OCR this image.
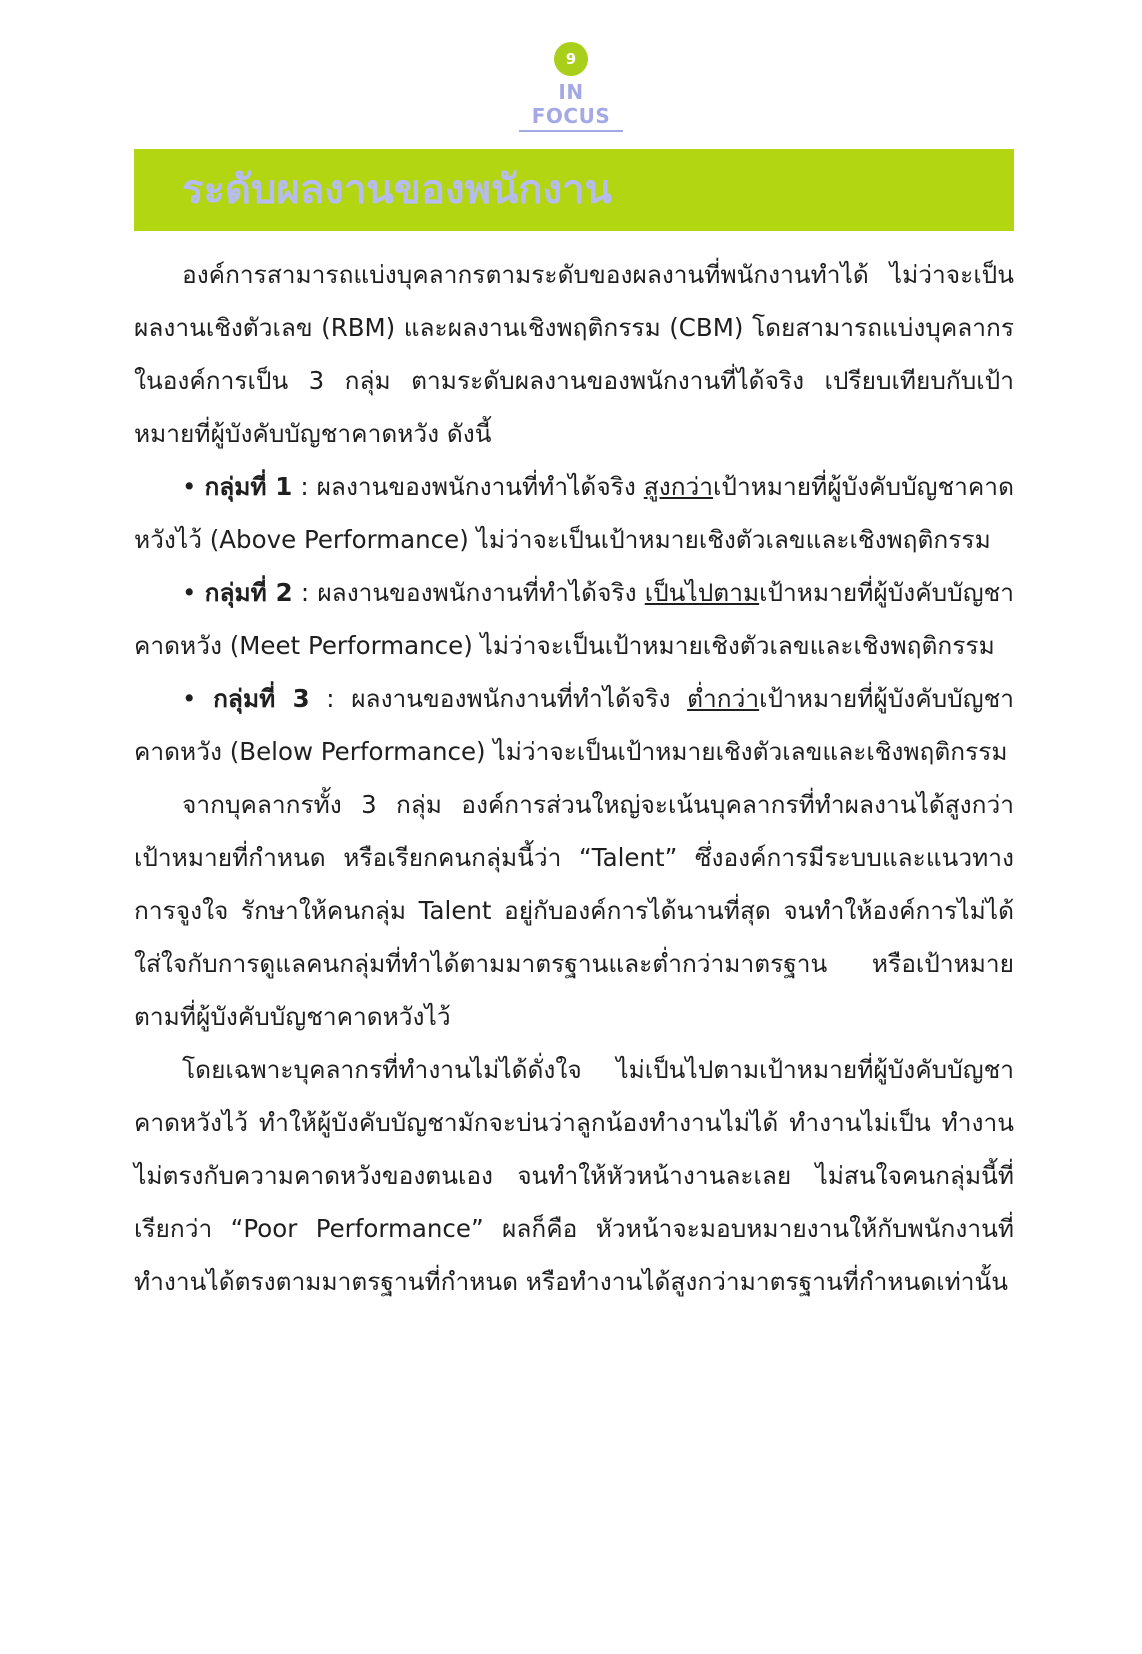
9
IN FOCUS
ระดับผลงานของพนักงาน

องค์การสามารถแบ่งบุคลากรตามระดับของผลงานที่พนักงานทำได้ ไม่ว่าจะเป็นผลงานเชิงตัวเลข (RBM) และผลงานเชิงพฤติกรรม (CBM) โดยสามารถแบ่งบุคลากรในองค์การเป็น 3 กลุ่ม ตามระดับผลงานของพนักงานที่ได้จริง เปรียบเทียบกับเป้าหมายที่ผู้บังคับบัญชาคาดหวัง ดังนี้

• กลุ่มที่ 1 : ผลงานของพนักงานที่ทำได้จริง สูงกว่าเป้าหมายที่ผู้บังคับบัญชาคาดหวังไว้ (Above Performance) ไม่ว่าจะเป็นเป้าหมายเชิงตัวเลขและเชิงพฤติกรรม

• กลุ่มที่ 2 : ผลงานของพนักงานที่ทำได้จริง เป็นไปตามเป้าหมายที่ผู้บังคับบัญชาคาดหวัง (Meet Performance) ไม่ว่าจะเป็นเป้าหมายเชิงตัวเลขและเชิงพฤติกรรม

• กลุ่มที่ 3 : ผลงานของพนักงานที่ทำได้จริง ต่ำกว่าเป้าหมายที่ผู้บังคับบัญชาคาดหวัง (Below Performance) ไม่ว่าจะเป็นเป้าหมายเชิงตัวเลขและเชิงพฤติกรรม

จากบุคลากรทั้ง 3 กลุ่ม องค์การส่วนใหญ่จะเน้นบุคลากรที่ทำผลงานได้สูงกว่าเป้าหมายที่กำหนด หรือเรียกคนกลุ่มนี้ว่า “Talent” ซึ่งองค์การมีระบบและแนวทางการจูงใจ รักษาให้คนกลุ่ม Talent อยู่กับองค์การได้นานที่สุด จนทำให้องค์การไม่ได้ใส่ใจกับการดูแลคนกลุ่มที่ทำได้ตามมาตรฐานและต่ำกว่ามาตรฐาน หรือเป้าหมายตามที่ผู้บังคับบัญชาคาดหวังไว้

โดยเฉพาะบุคลากรที่ทำงานไม่ได้ดั่งใจ ไม่เป็นไปตามเป้าหมายที่ผู้บังคับบัญชาคาดหวังไว้ ทำให้ผู้บังคับบัญชามักจะบ่นว่าลูกน้องทำงานไม่ได้ ทำงานไม่เป็น ทำงานไม่ตรงกับความคาดหวังของตนเอง จนทำให้หัวหน้างานละเลย ไม่สนใจคนกลุ่มนี้ที่เรียกว่า “Poor Performance” ผลก็คือ หัวหน้าจะมอบหมายงานให้กับพนักงานที่ทำงานได้ตรงตามมาตรฐานที่กำหนด หรือทำงานได้สูงกว่ามาตรฐานที่กำหนดเท่านั้น
